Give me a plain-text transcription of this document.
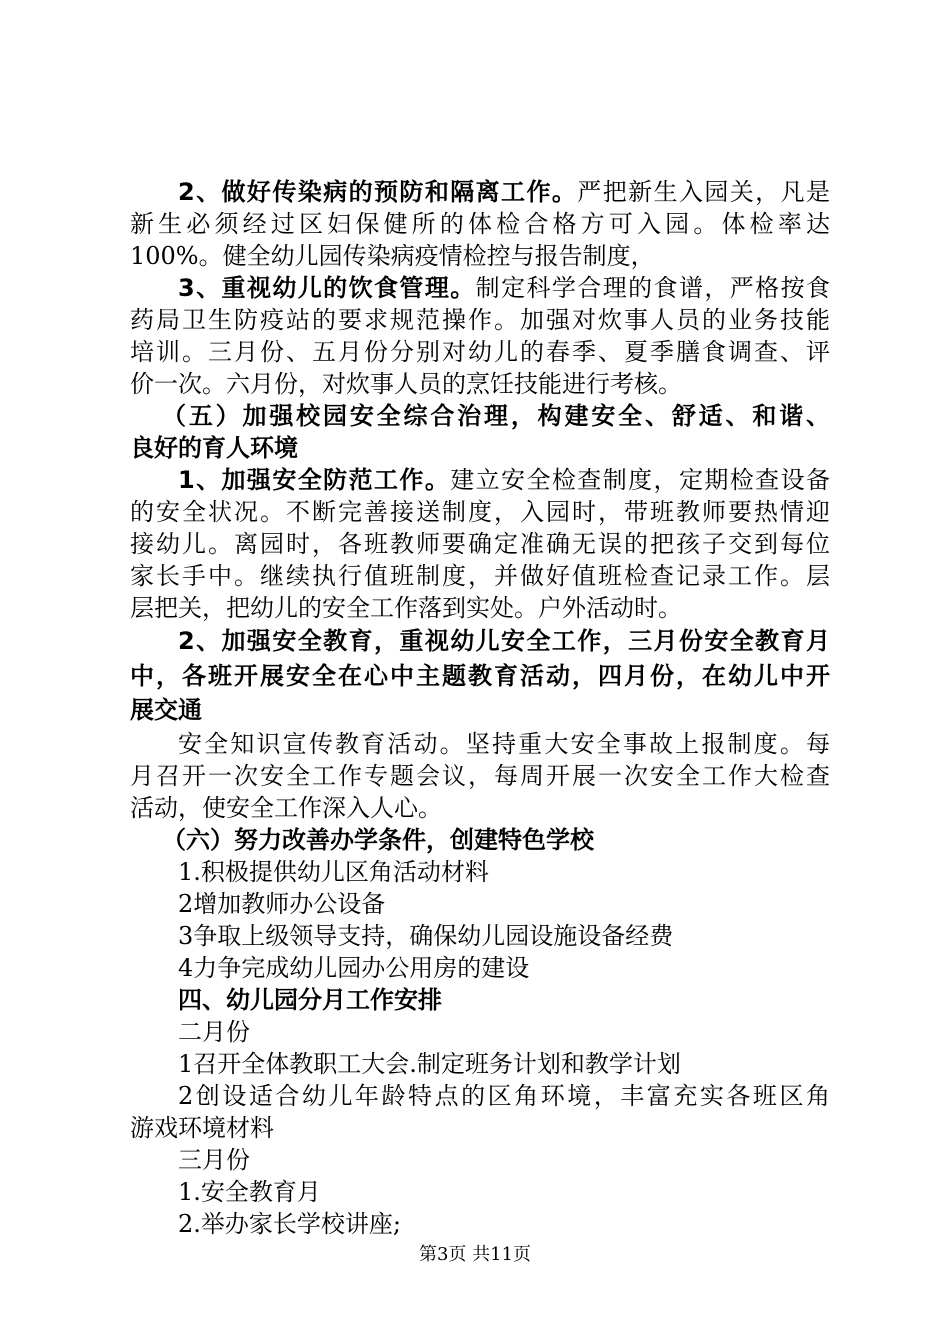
2、做好传染病的预防和隔离工作。严把新生入园关，凡是
新生必须经过区妇保健所的体检合格方可入园。体检率达
100%。健全幼儿园传染病疫情检控与报告制度，
3、重视幼儿的饮食管理。制定科学合理的食谱，严格按食
药局卫生防疫站的要求规范操作。加强对炊事人员的业务技能
培训。三月份、五月份分别对幼儿的春季、夏季膳食调查、评
价一次。六月份，对炊事人员的烹饪技能进行考核。
（五）加强校园安全综合治理，构建安全、舒适、和谐、
良好的育人环境
1、加强安全防范工作。建立安全检查制度，定期检查设备
的安全状况。不断完善接送制度，入园时，带班教师要热情迎
接幼儿。离园时，各班教师要确定准确无误的把孩子交到每位
家长手中。继续执行值班制度，并做好值班检查记录工作。层
层把关，把幼儿的安全工作落到实处。户外活动时。
2、加强安全教育，重视幼儿安全工作，三月份安全教育月
中，各班开展安全在心中主题教育活动，四月份，在幼儿中开
展交通
安全知识宣传教育活动。坚持重大安全事故上报制度。每
月召开一次安全工作专题会议，每周开展一次安全工作大检查
活动，使安全工作深入人心。
（六）努力改善办学条件，创建特色学校
1.积极提供幼儿区角活动材料
2增加教师办公设备
3争取上级领导支持，确保幼儿园设施设备经费
4力争完成幼儿园办公用房的建设
四、幼儿园分月工作安排
二月份
1召开全体教职工大会.制定班务计划和教学计划
2创设适合幼儿年龄特点的区角环境，丰富充实各班区角
游戏环境材料
三月份
1.安全教育月
2.举办家长学校讲座;
第3页 共11页
